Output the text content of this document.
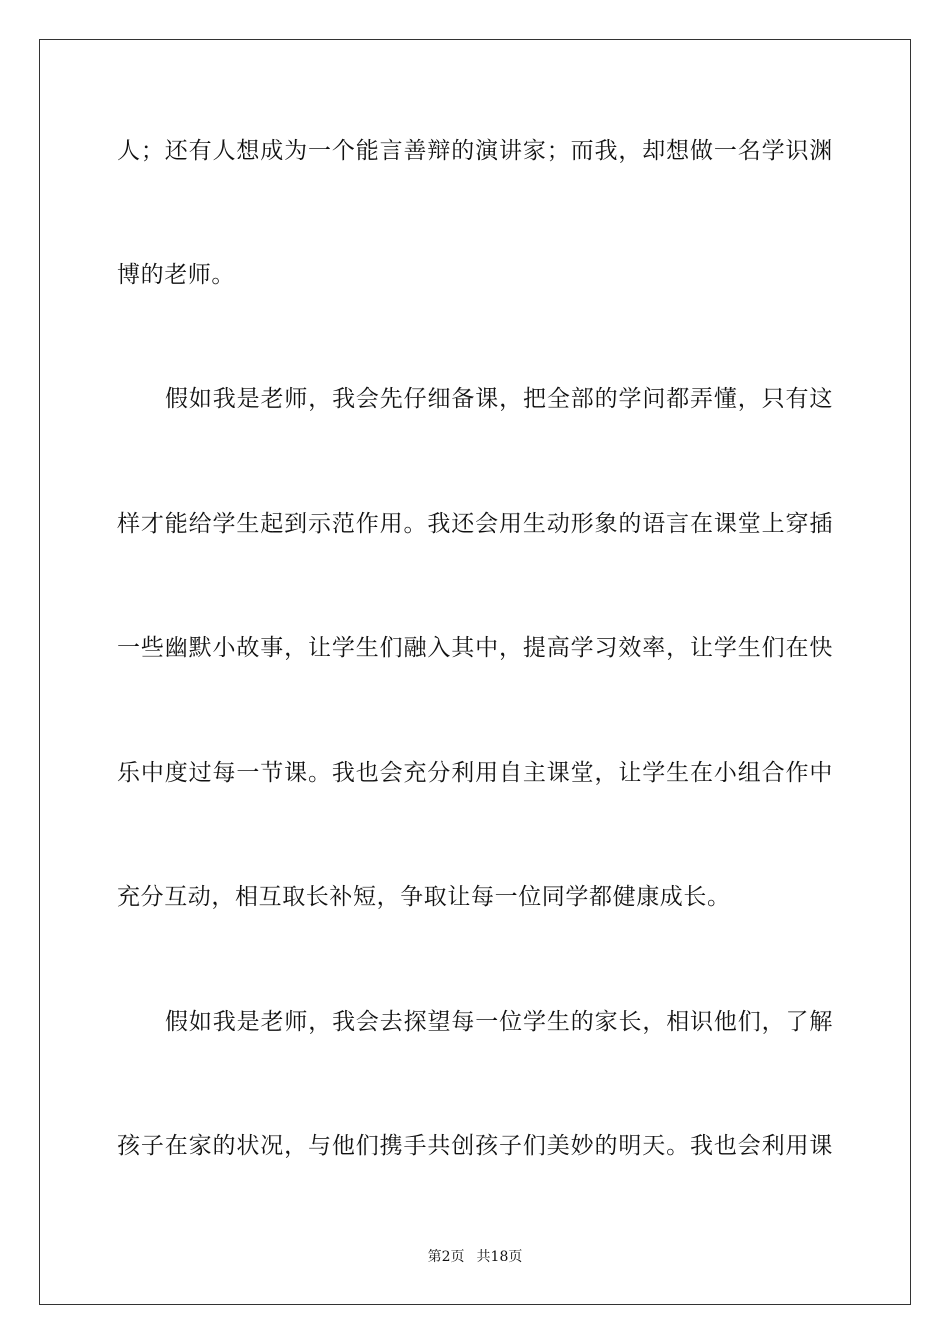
人；还有人想成为一个能言善辩的演讲家；而我，却想做一名学识渊
博的老师。
假如我是老师，我会先仔细备课，把全部的学问都弄懂，只有这
样才能给学生起到示范作用。我还会用生动形象的语言在课堂上穿插
一些幽默小故事，让学生们融入其中，提高学习效率，让学生们在快
乐中度过每一节课。我也会充分利用自主课堂，让学生在小组合作中
充分互动，相互取长补短，争取让每一位同学都健康成长。
假如我是老师，我会去探望每一位学生的家长，相识他们，了解
孩子在家的状况，与他们携手共创孩子们美妙的明天。我也会利用课
第2页 共18页
